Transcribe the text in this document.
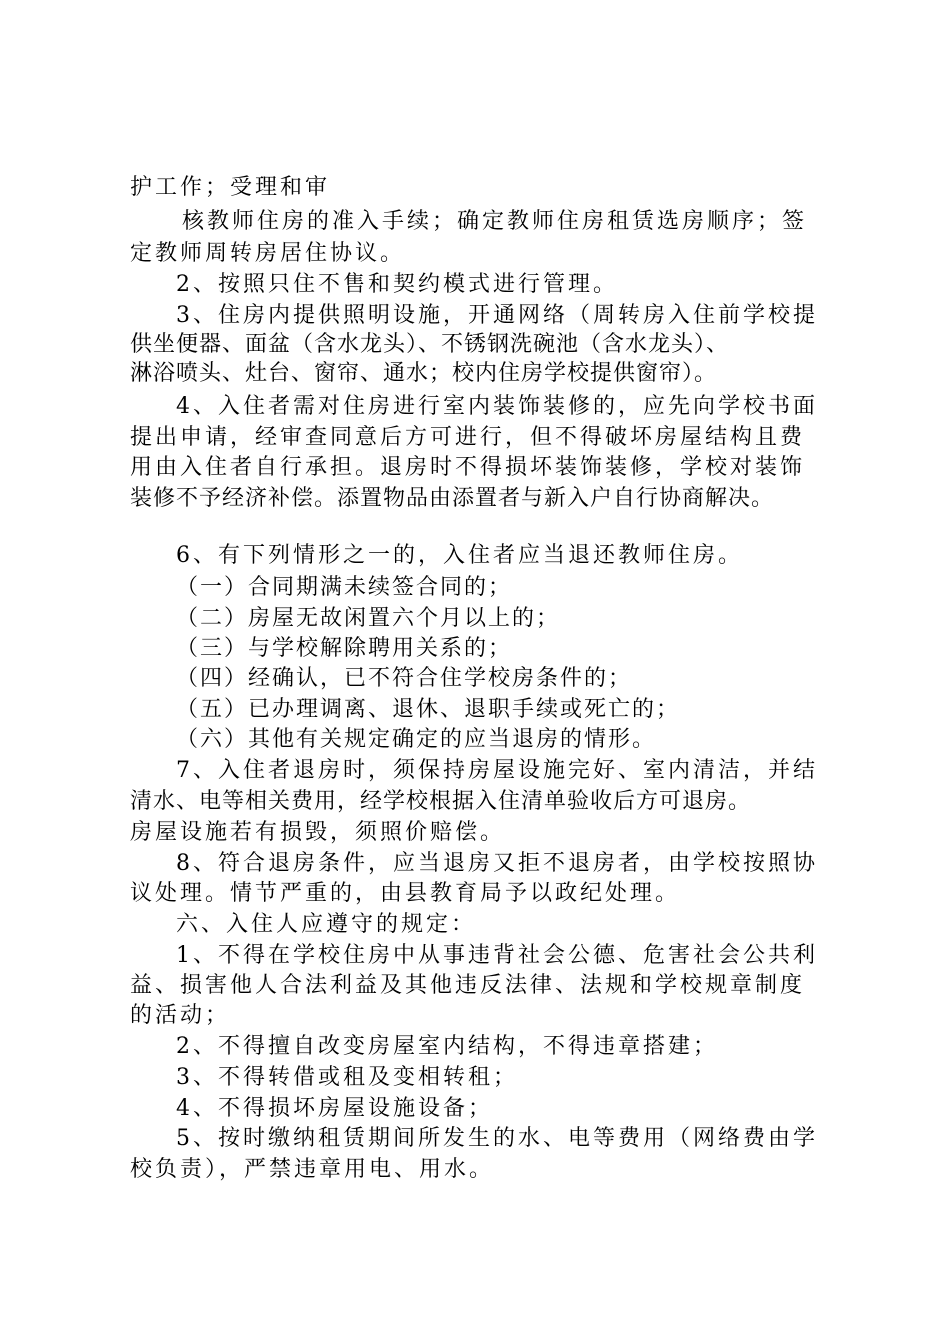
护工作；受理和审
核教师住房的准入手续；确定教师住房租赁选房顺序；签
定教师周转房居住协议。
2、按照只住不售和契约模式进行管理。
3、住房内提供照明设施，开通网络（周转房入住前学校提
供坐便器、面盆（含水龙头）、不锈钢洗碗池（含水龙头）、
淋浴喷头、灶台、窗帘、通水；校内住房学校提供窗帘）。
4、入住者需对住房进行室内装饰装修的，应先向学校书面
提出申请，经审查同意后方可进行，但不得破坏房屋结构且费
用由入住者自行承担。退房时不得损坏装饰装修，学校对装饰
装修不予经济补偿。添置物品由添置者与新入户自行协商解决。
6、有下列情形之一的，入住者应当退还教师住房。
（一）合同期满未续签合同的；
（二）房屋无故闲置六个月以上的；
（三）与学校解除聘用关系的；
（四）经确认，已不符合住学校房条件的；
（五）已办理调离、退休、退职手续或死亡的；
（六）其他有关规定确定的应当退房的情形。
7、入住者退房时，须保持房屋设施完好、室内清洁，并结
清水、电等相关费用，经学校根据入住清单验收后方可退房。
房屋设施若有损毁，须照价赔偿。
8、符合退房条件，应当退房又拒不退房者，由学校按照协
议处理。情节严重的，由县教育局予以政纪处理。
六、入住人应遵守的规定：
1、不得在学校住房中从事违背社会公德、危害社会公共利
益、损害他人合法利益及其他违反法律、法规和学校规章制度
的活动；
2、不得擅自改变房屋室内结构，不得违章搭建；
3、不得转借或租及变相转租；
4、不得损坏房屋设施设备；
5、按时缴纳租赁期间所发生的水、电等费用（网络费由学
校负责），严禁违章用电、用水。
